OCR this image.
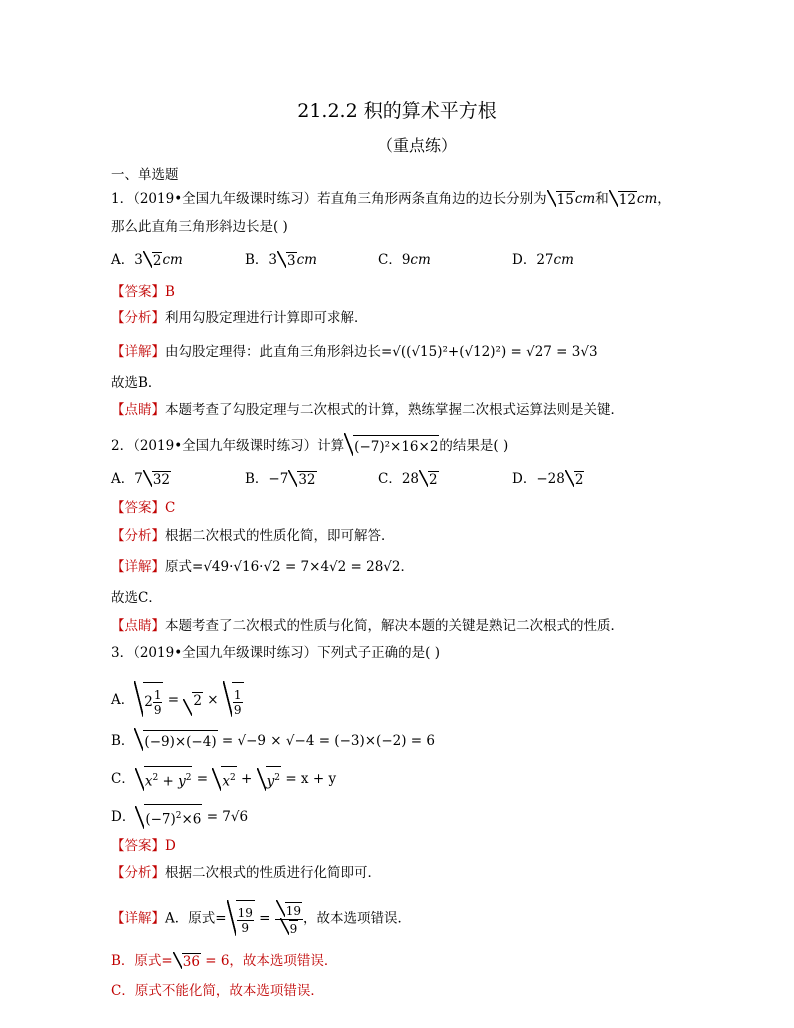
21.2.2 积的算术平方根
（重点练）
一、单选题
1．（2019•全国九年级课时练习）若直角三角形两条直角边的边长分别为 15cm和 12cm，
那么此直角三角形斜边长是( )
A．3 2cm	B．3 3cm	C．9cm	D．27cm
【答案】B
【分析】利用勾股定理进行计算即可求解．
【详解】由勾股定理得：此直角三角形斜边长=√((√15)²+(√12)²) = √27 = 3√3
故选B．
【点睛】本题考查了勾股定理与二次根式的计算，熟练掌握二次根式运算法则是关键．
2．（2019•全国九年级课时练习）计算 (−7)²×16×2的结果是( )
A．7 32	B．−7 32	C．28 2	D．−28 2
【答案】C
【分析】根据二次根式的性质化简，即可解答．
【详解】原式=√49·√16·√2 = 7×4√2 = 28√2．
故选C．
【点睛】本题考查了二次根式的性质与化简，解决本题的关键是熟记二次根式的性质．
3．（2019•全国九年级课时练习）下列式子正确的是( )
A． $2 \frac{1}{9} = 2 \times \frac{1}{9}$
B． (−9)×(−4) = √−9 × √−4 = (−3)×(−2) = 6
C． $x^2 + y^2 = x^2 + y^2 = x + y$
D． $(-7)^2\times 6 = 7√6$
【答案】D
【分析】根据二次根式的性质进行化简即可．
【详解】A．原式= $\frac{19}{9} = \frac{19}{9}$ ，故本选项错误．
B．原式= 36 = 6，故本选项错误．
C．原式不能化简，故本选项错误．
